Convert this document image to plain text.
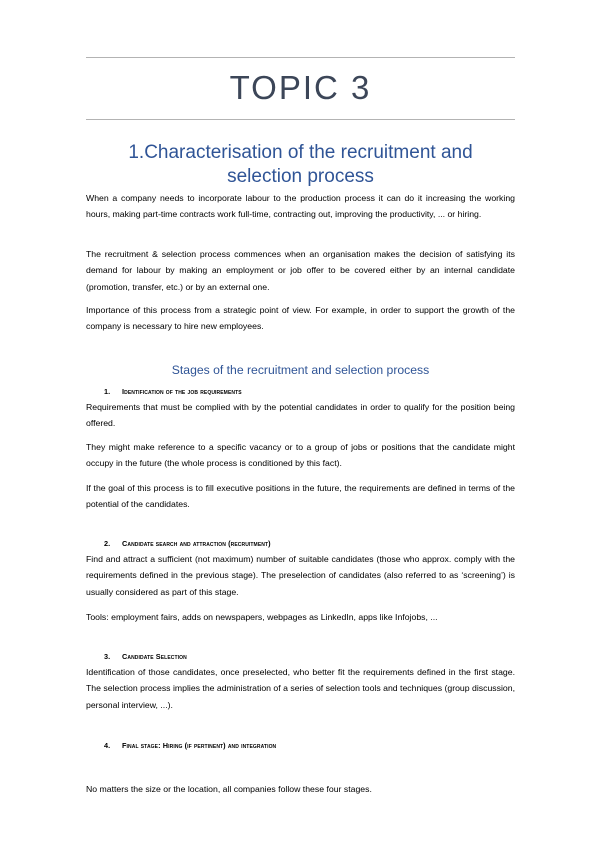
TOPIC 3
1.Characterisation of the recruitment and
selection process

When a company needs to incorporate labour to the production process it can do it increasing the working hours, making part-time contracts work full-time, contracting out, improving the productivity, ... or hiring.

The recruitment & selection process commences when an organisation makes the decision of satisfying its demand for labour by making an employment or job offer to be covered either by an internal candidate (promotion, transfer, etc.) or by an external one.

Importance of this process from a strategic point of view. For example, in order to support the growth of the company is necessary to hire new employees.

Stages of the recruitment and selection process
1. Identification of the job requirements

Requirements that must be complied with by the potential candidates in order to qualify for the position being offered.

They might make reference to a specific vacancy or to a group of jobs or positions that the candidate might occupy in the future (the whole process is conditioned by this fact).

If the goal of this process is to fill executive positions in the future, the requirements are defined in terms of the potential of the candidates.

2. Candidate search and attraction (recruitment)

Find and attract a sufficient (not maximum) number of suitable candidates (those who approx. comply with the requirements defined in the previous stage). The preselection of candidates (also referred to as ‘screening’) is usually considered as part of this stage.

Tools: employment fairs, adds on newspapers, webpages as LinkedIn, apps like Infojobs, ...

3. Candidate Selection

Identification of those candidates, once preselected, who better fit the requirements defined in the first stage. The selection process implies the administration of a series of selection tools and techniques (group discussion, personal interview, ...).

4. Final stage: Hiring (if pertinent) and integration

No matters the size or the location, all companies follow these four stages.
